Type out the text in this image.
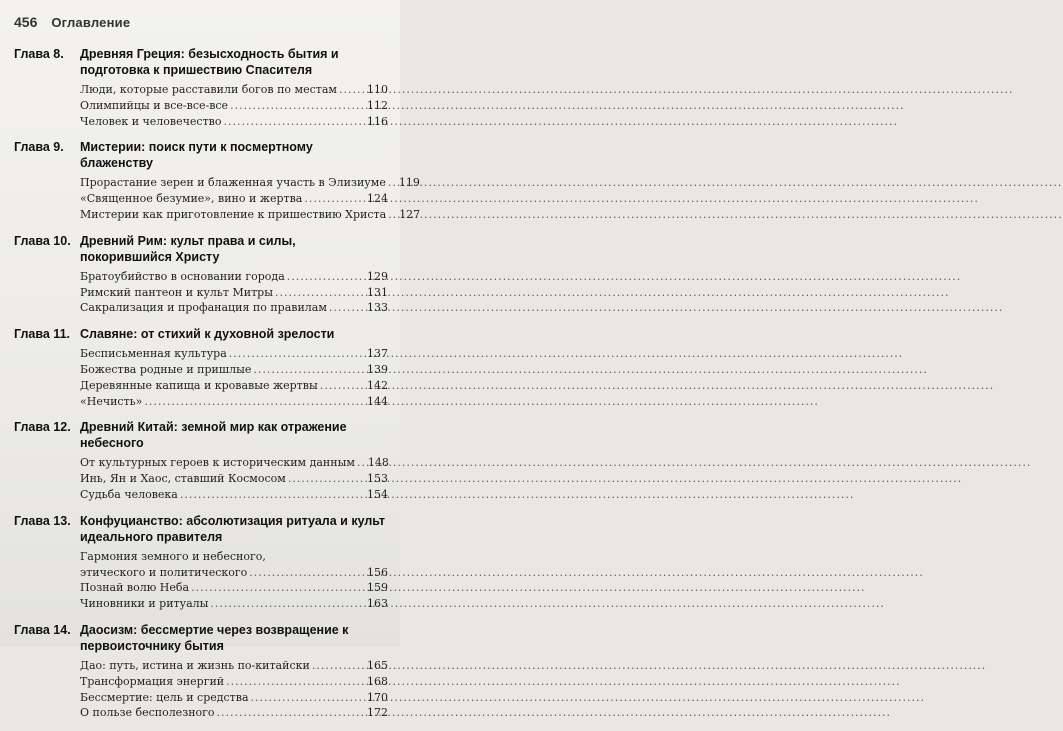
456 Оглавление
Глава 8.	Древняя Греция: безысходность бытия и подготовка к пришествию Спасителя
Люди, которые расставили богов по местам .....	110
Олимпийцы и все-все-все .....	112
Человек и человечество .....	116
Глава 9.	Мистерии: поиск пути к посмертному блаженству
Прорастание зерен и блаженная участь в Элизиуме ..... 119
«Священное безумие», вино и жертва .....	124
Мистерии как приготовление к пришествию Христа ..... 127
Глава 10. Древний Рим: культ права и силы, покорившийся Христу
Братоубийство в основании города .....	129
Римский пантеон и культ Митры .....	131
Сакрализация и профанация по правилам .....	133
Глава 11. Славяне: от стихий к духовной зрелости
Бесписьменная культура .....	137
Божества родные и пришлые .....	139
Деревянные капища и кровавые жертвы .....	142
«Нечисть» .....	144
Глава 12. Древний Китай: земной мир как отражение небесного
От культурных героев к историческим данным ..... 148
Инь, Ян и Хаос, ставший Космосом .....	153
Судьба человека .....	154
Глава 13. Конфуцианство: абсолютизация ритуала и культ идеального правителя
Гармония земного и небесного,
этического и политического .....	156
Познай волю Неба .....	159
Чиновники и ритуалы .....	163
Глава 14. Даосизм: бессмертие через возвращение к первоисточнику бытия
Дао: путь, истина и жизнь по-китайски .....	165
Трансформация энергий .....	168
Бессмертие: цель и средства .....	170
О пользе бесполезного .....	172
